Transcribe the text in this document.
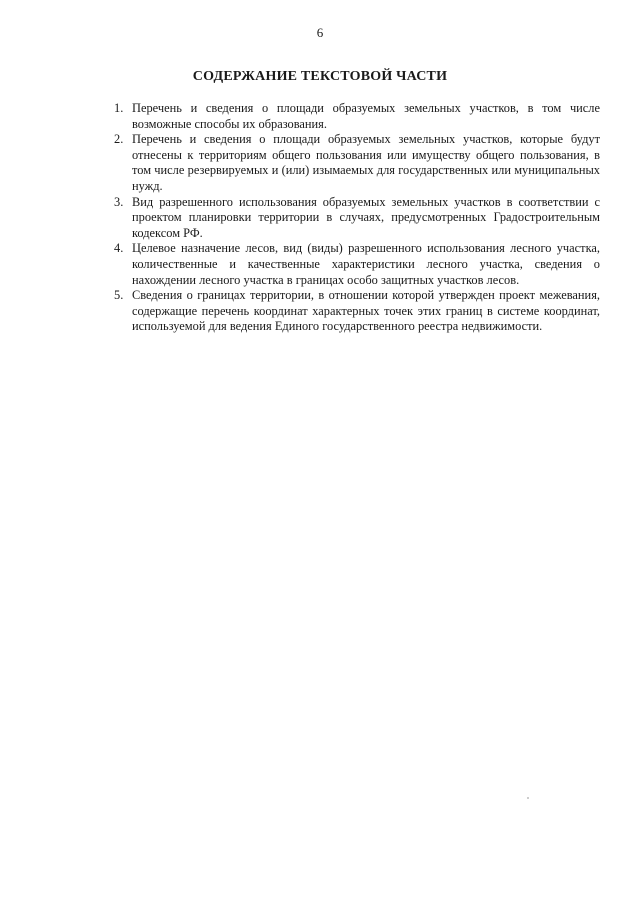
6
СОДЕРЖАНИЕ ТЕКСТОВОЙ ЧАСТИ
1. Перечень и сведения о площади образуемых земельных участков, в том числе возможные способы их образования.
2. Перечень и сведения о площади образуемых земельных участков, которые будут отнесены к территориям общего пользования или имуществу общего пользования, в том числе резервируемых и (или) изымаемых для государственных или муниципальных нужд.
3. Вид разрешенного использования образуемых земельных участков в соответствии с проектом планировки территории в случаях, предусмотренных Градостроительным кодексом РФ.
4. Целевое назначение лесов, вид (виды) разрешенного использования лесного участка, количественные и качественные характеристики лесного участка, сведения о нахождении лесного участка в границах особо защитных участков лесов.
5. Сведения о границах территории, в отношении которой утвержден проект межевания, содержащие перечень координат характерных точек этих границ в системе координат, используемой для ведения Единого государственного реестра недвижимости.
